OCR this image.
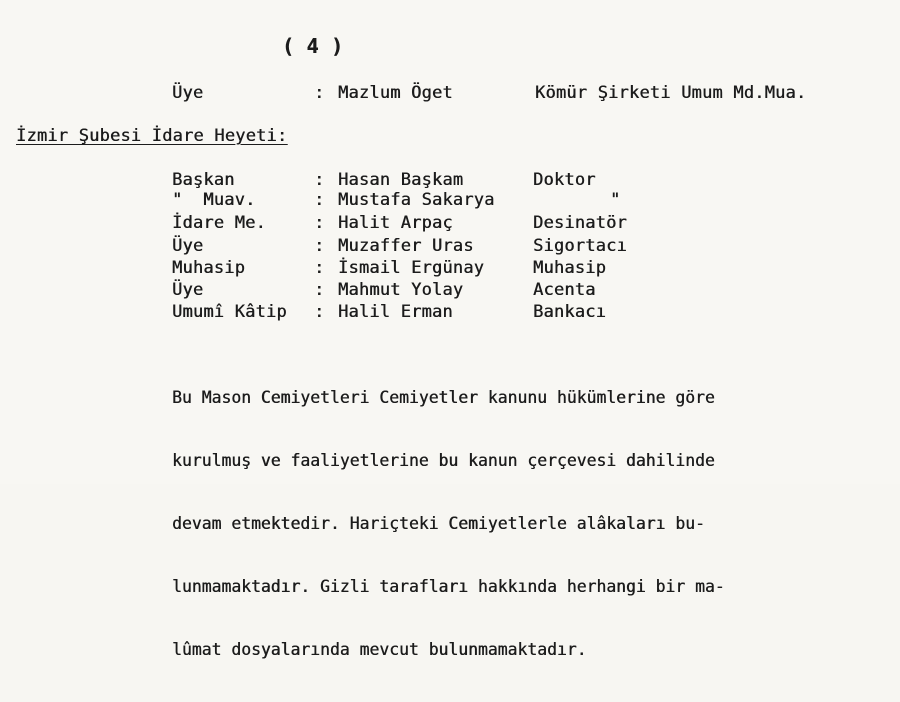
( 4 )
Üye	: Mazlum Öget	Kömür Şirketi Umum Md.Mua.
İzmir Şubesi İdare Heyeti:
Başkan	: Hasan Başkam	Doktor
"  Muav.	: Mustafa Sakarya	"
İdare Me.	: Halit Arpaç	Desinatör
Üye	: Muzaffer Uras	Sigortacı
Muhasip	: İsmail Ergünay	Muhasip
Üye	: Mahmut Yolay	Acenta
Umumî Kâtip : Halil Erman	Bankacı

Bu Mason Cemiyetleri Cemiyetler kanunu hükümlerine göre

kurulmuş ve faaliyetlerine bu kanun çerçevesi dahilinde

devam etmektedir. Hariçteki Cemiyetlerle alâkaları bu-

lunmamaktadır. Gizli tarafları hakkında herhangi bir ma-

lûmat dosyalarında mevcut bulunmamaktadır.
